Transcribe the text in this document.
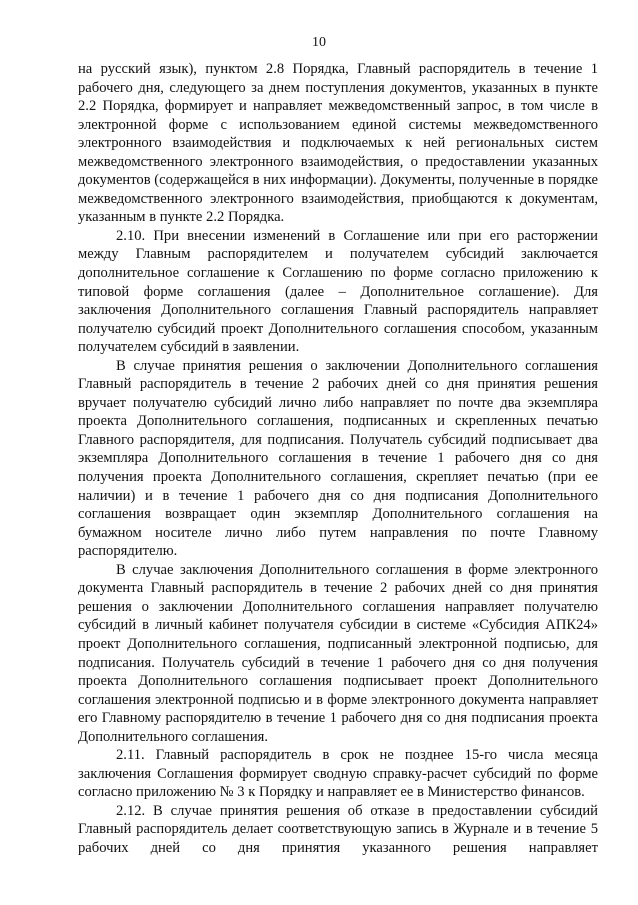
10

на русский язык), пунктом 2.8 Порядка, Главный распорядитель в течение 1 рабочего дня, следующего за днем поступления документов, указанных в пункте 2.2 Порядка, формирует и направляет межведомственный запрос, в том числе в электронной форме с использованием единой системы межведомственного электронного взаимодействия и подключаемых к ней региональных систем межведомственного электронного взаимодействия, о предоставлении указанных документов (содержащейся в них информации). Документы, полученные в порядке межведомственного электронного взаимодействия, приобщаются к документам, указанным в пункте 2.2 Порядка.

2.10. При внесении изменений в Соглашение или при его расторжении между Главным распорядителем и получателем субсидий заключается дополнительное соглашение к Соглашению по форме согласно приложению к типовой форме соглашения (далее – Дополнительное соглашение). Для заключения Дополнительного соглашения Главный распорядитель направляет получателю субсидий проект Дополнительного соглашения способом, указанным получателем субсидий в заявлении.

В случае принятия решения о заключении Дополнительного соглашения Главный распорядитель в течение 2 рабочих дней со дня принятия решения вручает получателю субсидий лично либо направляет по почте два экземпляра проекта Дополнительного соглашения, подписанных и скрепленных печатью Главного распорядителя, для подписания. Получатель субсидий подписывает два экземпляра Дополнительного соглашения в течение 1 рабочего дня со дня получения проекта Дополнительного соглашения, скрепляет печатью (при ее наличии) и в течение 1 рабочего дня со дня подписания Дополнительного соглашения возвращает один экземпляр Дополнительного соглашения на бумажном носителе лично либо путем направления по почте Главному распорядителю.

В случае заключения Дополнительного соглашения в форме электронного документа Главный распорядитель в течение 2 рабочих дней со дня принятия решения о заключении Дополнительного соглашения направляет получателю субсидий в личный кабинет получателя субсидии в системе «Субсидия АПК24» проект Дополнительного соглашения, подписанный электронной подписью, для подписания. Получатель субсидий в течение 1 рабочего дня со дня получения проекта Дополнительного соглашения подписывает проект Дополнительного соглашения электронной подписью и в форме электронного документа направляет его Главному распорядителю в течение 1 рабочего дня со дня подписания проекта Дополнительного соглашения.

2.11. Главный распорядитель в срок не позднее 15-го числа месяца заключения Соглашения формирует сводную справку-расчет субсидий по форме согласно приложению № 3 к Порядку и направляет ее в Министерство финансов.

2.12. В случае принятия решения об отказе в предоставлении субсидий Главный распорядитель делает соответствующую запись в Журнале и в течение 5 рабочих дней со дня принятия указанного решения направляет
